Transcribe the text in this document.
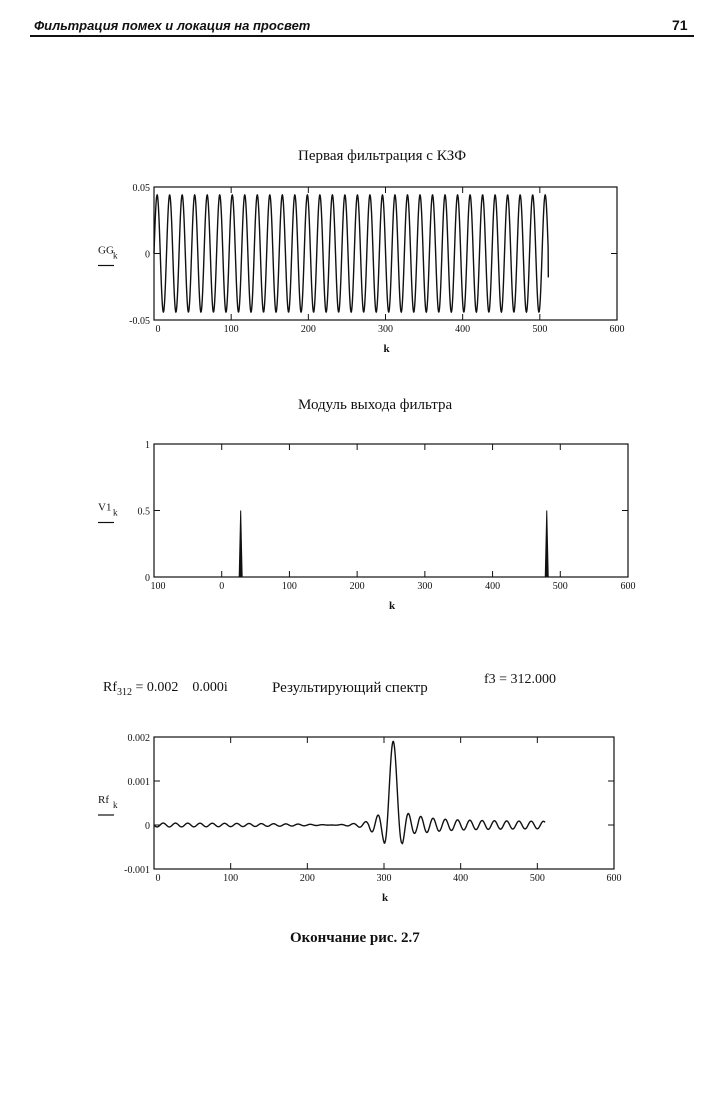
Фильтрация помех и локация на просвет	71
Первая фильтрация с КЗФ
Модуль выхода фильтра
Результирующий спектр
$Rf_{312} = 0.002$    0.000i
f3 = 312.000
Окончание рис. 2.7
0	100	200	300	400	500	600
0.05
0
-0.05
k
GG k
100	0	100	200	300	400	500	600
1
0.5
0
k
V1 k
0	100	200	300	400	500	600
0.002
0.001
0
-0.001
k
Rf k
